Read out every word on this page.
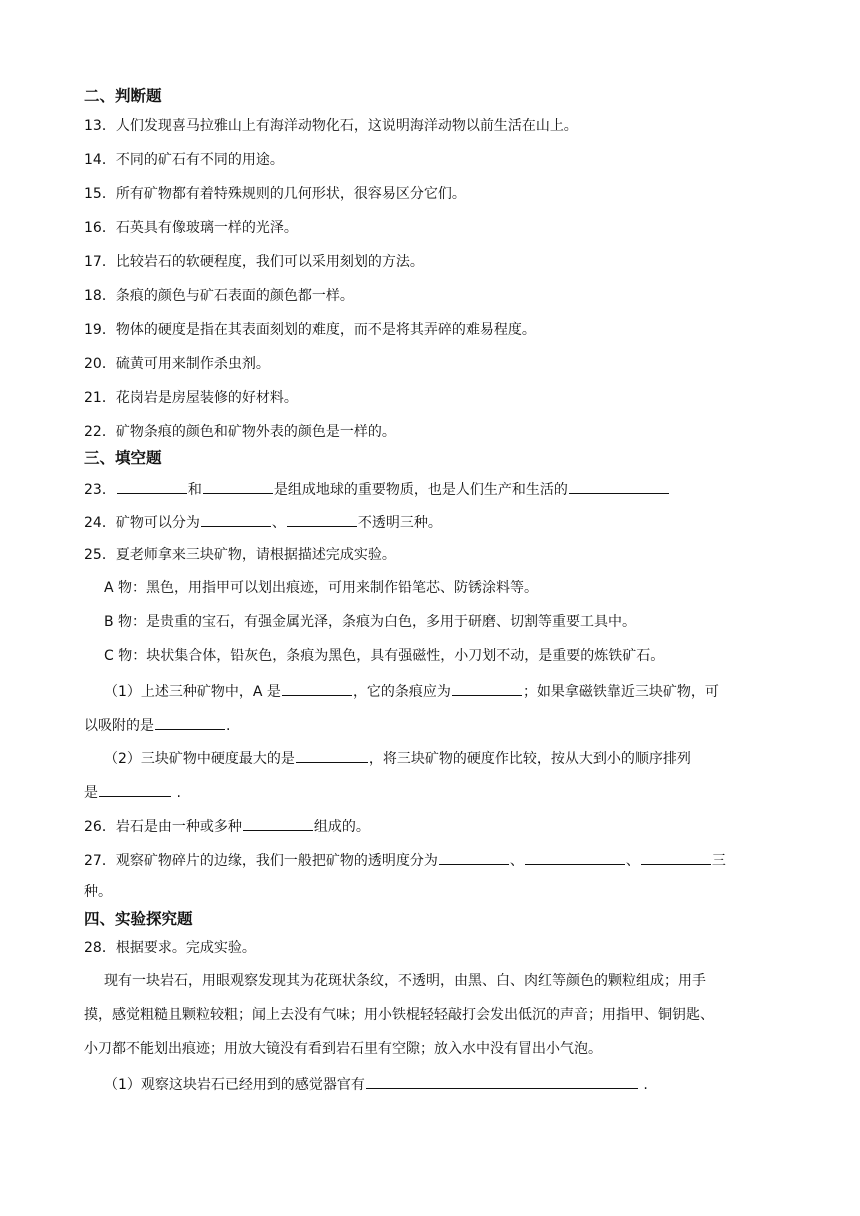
二、判断题
13．人们发现喜马拉雅山上有海洋动物化石，这说明海洋动物以前生活在山上。
14．不同的矿石有不同的用途。
15．所有矿物都有着特殊规则的几何形状，很容易区分它们。
16．石英具有像玻璃一样的光泽。
17．比较岩石的软硬程度，我们可以采用刻划的方法。
18．条痕的颜色与矿石表面的颜色都一样。
19．物体的硬度是指在其表面刻划的难度，而不是将其弄碎的难易程度。
20．硫黄可用来制作杀虫剂。
21．花岗岩是房屋装修的好材料。
22．矿物条痕的颜色和矿物外表的颜色是一样的。
三、填空题
23．	和	是组成地球的重要物质，也是人们生产和生活的
24．矿物可以分为	、	不透明三种。
25．夏老师拿来三块矿物，请根据描述完成实验。
A 物：黑色，用指甲可以划出痕迹，可用来制作铅笔芯、防锈涂料等。
B 物：是贵重的宝石，有强金属光泽，条痕为白色，多用于研磨、切割等重要工具中。
C 物：块状集合体，铅灰色，条痕为黑色，具有强磁性，小刀划不动，是重要的炼铁矿石。
（1）上述三种矿物中，A 是	，它的条痕应为	；如果拿磁铁靠近三块矿物，可
以吸附的是	.
（2）三块矿物中硬度最大的是	，将三块矿物的硬度作比较，按从大到小的顺序排列
是	.
26．岩石是由一种或多种	组成的。
27．观察矿物碎片的边缘，我们一般把矿物的透明度分为	、	、	三
种。
四、实验探究题
28．根据要求。完成实验。
现有一块岩石，用眼观察发现其为花斑状条纹，不透明，由黑、白、肉红等颜色的颗粒组成；用手
摸，感觉粗糙且颗粒较粗；闻上去没有气味；用小铁棍轻轻敲打会发出低沉的声音；用指甲、铜钥匙、
小刀都不能划出痕迹；用放大镜没有看到岩石里有空隙；放入水中没有冒出小气泡。
（1）观察这块岩石已经用到的感觉器官有	.
